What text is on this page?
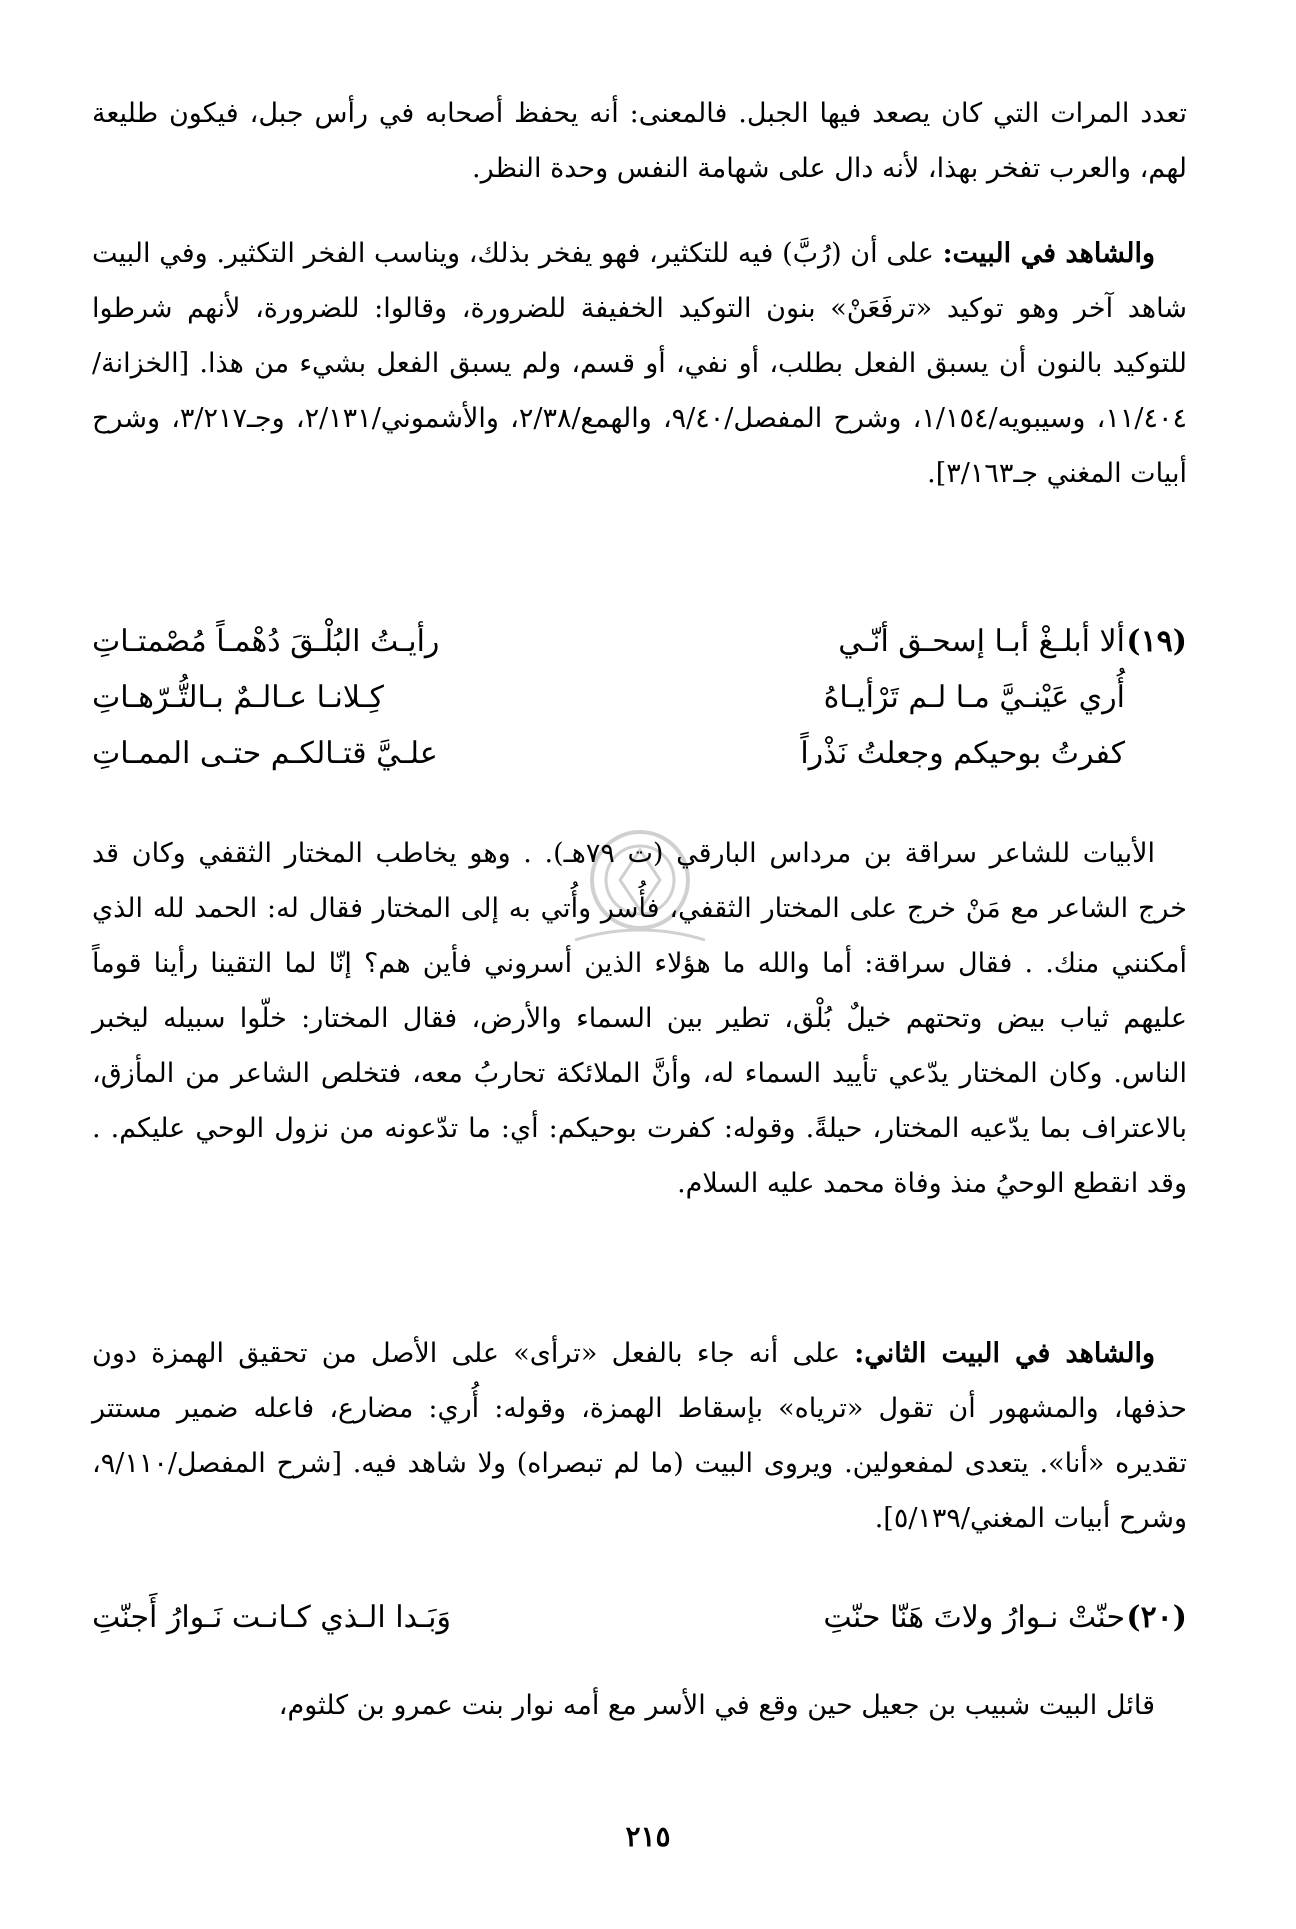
تعدد المرات التي كان يصعد فيها الجبل. فالمعنى: أنه يحفظ أصحابه في رأس جبل، فيكون طليعة لهم، والعرب تفخر بهذا، لأنه دال على شهامة النفس وحدة النظر.

والشاهد في البيت: على أن (رُبَّ) فيه للتكثير، فهو يفخر بذلك، ويناسب الفخر التكثير. وفي البيت شاهد آخر وهو توكيد «ترفَعَنْ» بنون التوكيد الخفيفة للضرورة، وقالوا: للضرورة، لأنهم شرطوا للتوكيد بالنون أن يسبق الفعل بطلب، أو نفي، أو قسم، ولم يسبق الفعل بشيء من هذا. [الخزانة/١١/٤٠٤، وسيبويه/١/١٥٤، وشرح المفصل/٩/٤٠، والهمع/٢/٣٨، والأشموني/٢/١٣١، وجـ٣/٢١٧، وشرح أبيات المغني جـ٣/١٦٣].

(١٩)
ألا أبلـغْ أبـا إسحـق أنّـي
رأيـتُ البُلْـقَ دُهْمـاً مُصْمتـاتِ
أُري عَيْنـيَّ مـا لـم تَرْأيـاهُ
كِـلانـا عـالـمٌ بـالتُّـرّهـاتِ
كفرتُ بوحيكم وجعلتُ نَذْراً
علـيَّ قتـالكـم حتـى الممـاتِ

الأبيات للشاعر سراقة بن مرداس البارقي (ت ٧٩هـ). . وهو يخاطب المختار الثقفي وكان قد خرج الشاعر مع مَنْ خرج على المختار الثقفي، فأُسر وأُتي به إلى المختار فقال له: الحمد لله الذي أمكنني منك. . فقال سراقة: أما والله ما هؤلاء الذين أسروني فأين هم؟ إنّا لما التقينا رأينا قوماً عليهم ثياب بيض وتحتهم خيلٌ بُلْق، تطير بين السماء والأرض، فقال المختار: خلّوا سبيله ليخبر الناس. وكان المختار يدّعي تأييد السماء له، وأنَّ الملائكة تحاربُ معه، فتخلص الشاعر من المأزق، بالاعتراف بما يدّعيه المختار، حيلةً. وقوله: كفرت بوحيكم: أي: ما تدّعونه من نزول الوحي عليكم. . وقد انقطع الوحيُ منذ وفاة محمد عليه السلام.

والشاهد في البيت الثاني: على أنه جاء بالفعل «ترأى» على الأصل من تحقيق الهمزة دون حذفها، والمشهور أن تقول «ترياه» بإسقاط الهمزة، وقوله: أُري: مضارع، فاعله ضمير مستتر تقديره «أنا». يتعدى لمفعولين. ويروى البيت (ما لم تبصراه) ولا شاهد فيه. [شرح المفصل/٩/١١٠، وشرح أبيات المغني/٥/١٣٩].

(٢٠)
حنّتْ نـوارُ ولاتَ هَنّا حنّتِ
وَبَـدا الـذي كـانـت نَـوارُ أَجنّتِ

قائل البيت شبيب بن جعيل حين وقع في الأسر مع أمه نوار بنت عمرو بن كلثوم،

٢١٥
